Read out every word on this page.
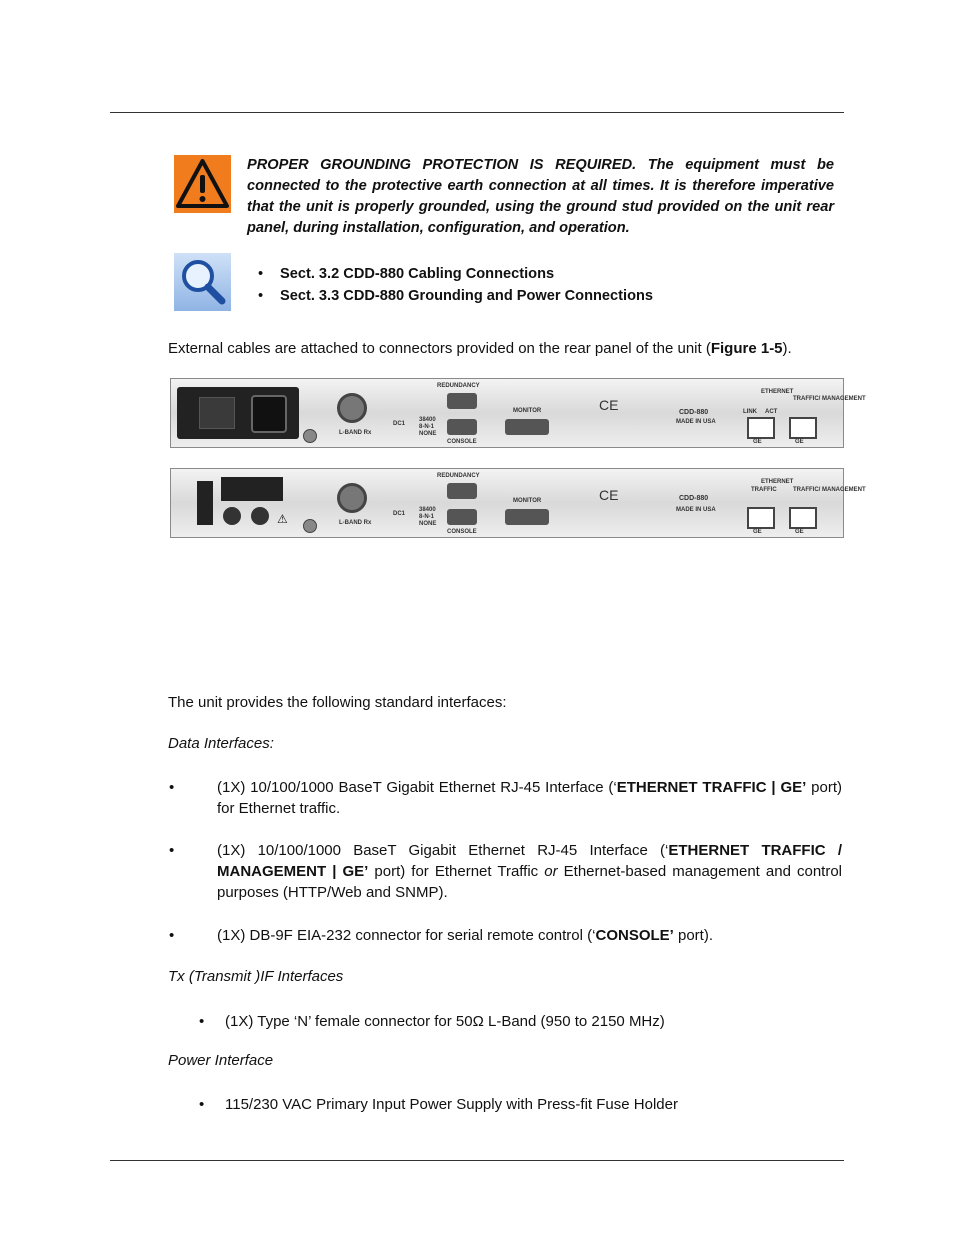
PROPER GROUNDING PROTECTION IS REQUIRED. The equipment must be connected to the protective earth connection at all times. It is therefore imperative that the unit is properly grounded, using the ground stud provided on the unit rear panel, during installation, configuration, and operation.
• Sect. 3.2 CDD-880 Cabling Connections
• Sect. 3.3 CDD-880 Grounding and Power Connections
External cables are attached to connectors provided on the rear panel of the unit (Figure 1-5).
L-BAND Rx
DC1
REDUNDANCY
38400
8-N-1
NONE
CONSOLE
MONITOR	CE	CDD-880
MADE IN USA
ETHERNET
TRAFFIC/ MANAGEMENT
LINK ACT
GE	GE
⚠	L-BAND Rx
DC1
REDUNDANCY
38400
8-N-1
NONE
CONSOLE
MONITOR	CE	CDD-880
MADE IN USA
ETHERNET
TRAFFIC	TRAFFIC/ MANAGEMENT
GE	GE
The unit provides the following standard interfaces:
Data Interfaces:
•	(1X) 10/100/1000 BaseT Gigabit Ethernet RJ-45 Interface (‘ETHERNET TRAFFIC | GE’ port) for Ethernet traffic.
•	(1X) 10/100/1000 BaseT Gigabit Ethernet RJ-45 Interface (‘ETHERNET TRAFFIC / MANAGEMENT | GE’ port) for Ethernet Traffic or Ethernet-based management and control purposes (HTTP/Web and SNMP).
•	(1X) DB-9F EIA-232 connector for serial remote control (‘CONSOLE’ port).
Tx (Transmit )IF Interfaces
• (1X) Type ‘N’ female connector for 50Ω L-Band (950 to 2150 MHz)
Power Interface
• 115/230 VAC Primary Input Power Supply with Press-fit Fuse Holder
